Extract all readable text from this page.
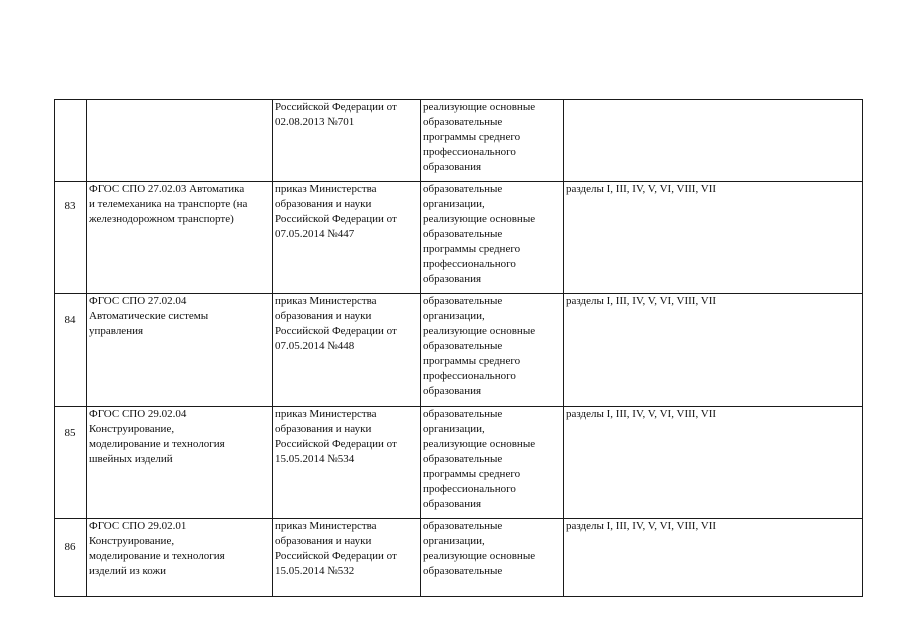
Российской Федерации от
02.08.2013 №701
реализующие основные
образовательные
программы среднего
профессионального
образования
83
ФГОС СПО 27.02.03 Автоматика
и телемеханика на транспорте (на
железнодорожном транспорте)
приказ Министерства
образования и науки
Российской Федерации от
07.05.2014 №447
образовательные
организации,
реализующие основные
образовательные
программы среднего
профессионального
образования
разделы I, III, IV, V, VI, VIII, VII
84
ФГОС СПО 27.02.04
Автоматические системы
управления
приказ Министерства
образования и науки
Российской Федерации от
07.05.2014 №448
образовательные
организации,
реализующие основные
образовательные
программы среднего
профессионального
образования
разделы I, III, IV, V, VI, VIII, VII
85
ФГОС СПО 29.02.04
Конструирование,
моделирование и технология
швейных изделий
приказ Министерства
образования и науки
Российской Федерации от
15.05.2014 №534
образовательные
организации,
реализующие основные
образовательные
программы среднего
профессионального
образования
разделы I, III, IV, V, VI, VIII, VII
86
ФГОС СПО 29.02.01
Конструирование,
моделирование и технология
изделий из кожи
приказ Министерства
образования и науки
Российской Федерации от
15.05.2014 №532
образовательные
организации,
реализующие основные
образовательные
разделы I, III, IV, V, VI, VIII, VII
